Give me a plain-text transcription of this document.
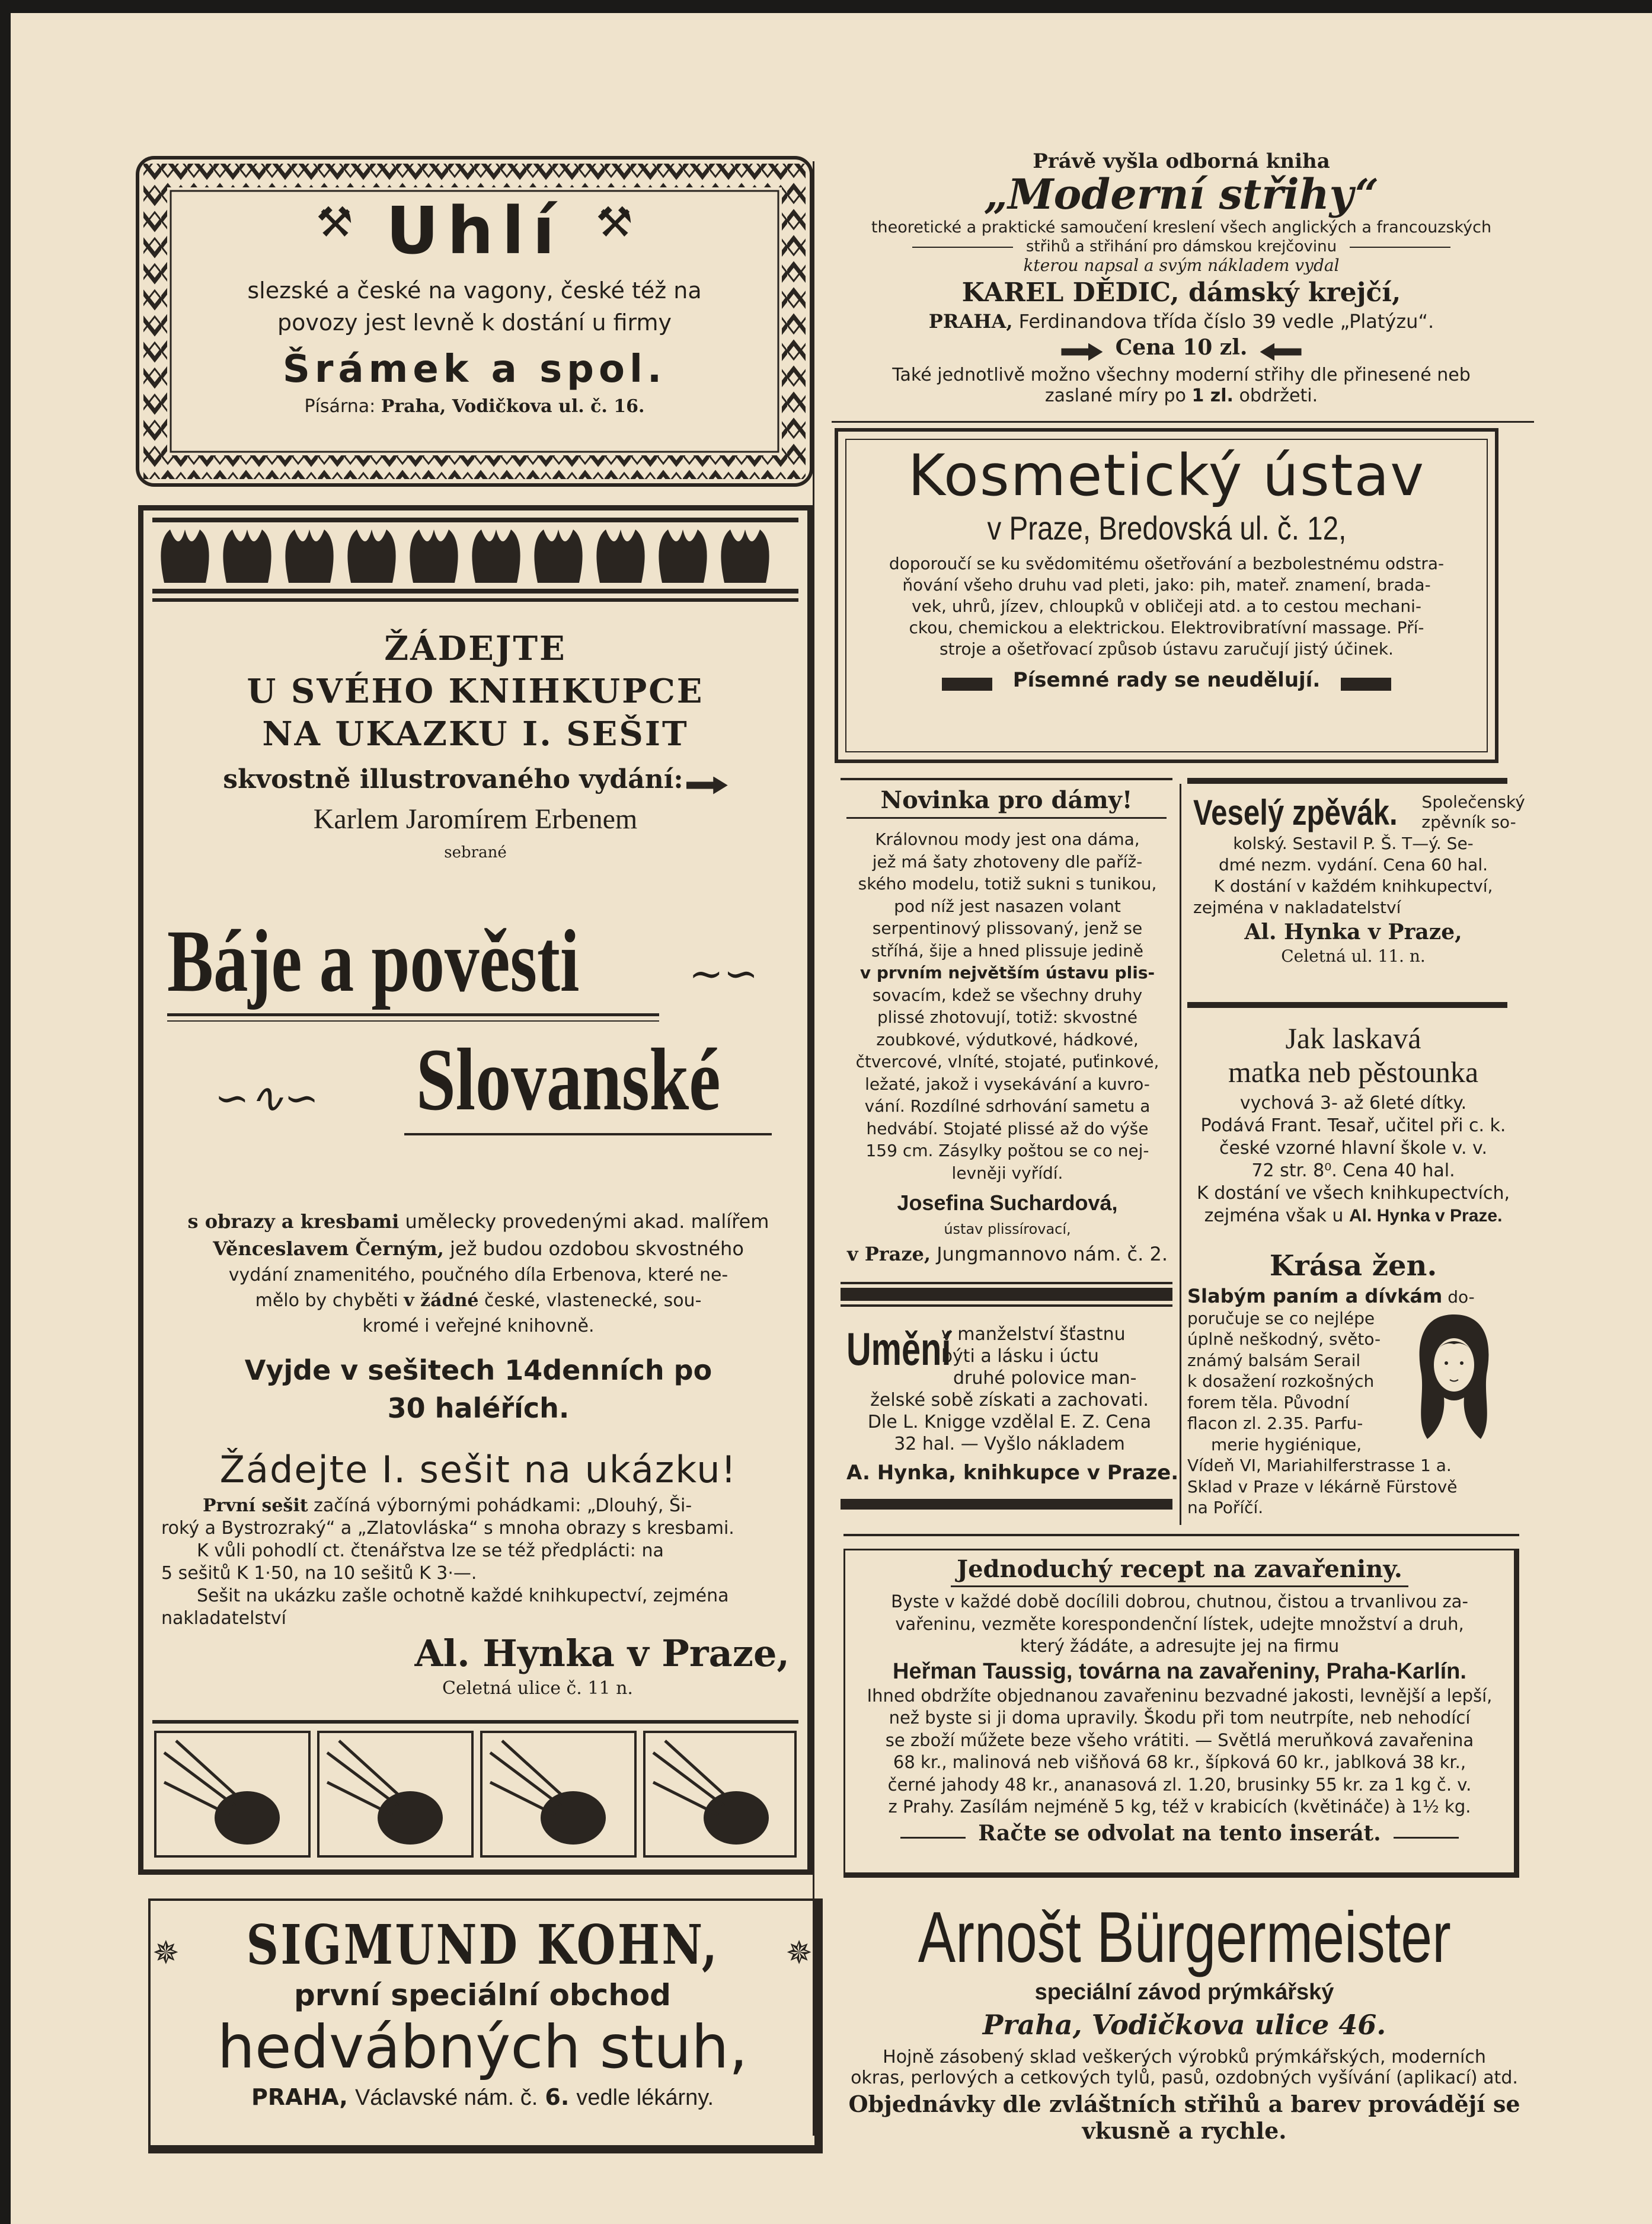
⚒ Uhlí ⚒
slezské a české na vagony, české též na
povozy jest levně k dostání u firmy
Šrámek a spol.
Písárna: Praha, Vodičkova ul. č. 16.
ŽÁDEJTE
U SVÉHO KNIHKUPCE
NA UKAZKU I. SEŠIT
skvostně illustrovaného vydání:
Karlem Jaromírem Erbenem
sebrané
Báje a pověsti	~∽
∽∿∽ Slovanské
s obrazy a kresbami umělecky provedenými akad. malířem
Věnceslavem Černým, jež budou ozdobou skvostného
vydání znamenitého, poučného díla Erbenova, které ne-
mělo by chyběti v žádné české, vlastenecké, sou-
kromé i veřejné knihovně.
Vyjde v sešitech 14denních po
30 haléřích.
Žádejte I. sešit na ukázku!
První sešit začíná výbornými pohádkami: „Dlouhý, Ši-
roký a Bystrozraký“ a „Zlatovláska“ s mnoha obrazy s kresbami.
K vůli pohodlí ct. čtenářstva lze se též předplácti: na
5 sešitů K 1·50, na 10 sešitů K 3·—.
Sešit na ukázku zašle ochotně každé knihkupectví, zejména
nakladatelství
Al. Hynka v Praze,
Celetná ulice č. 11 n.
✵ SIGMUND KOHN, ✵
první speciální obchod
hedvábných stuh,
PRAHA, Václavské nám. č. 6. vedle lékárny.
Právě vyšla odborná kniha
„Moderní střihy“
theoretické a praktické samoučení kreslení všech anglických a francouzských
střihů a střihání pro dámskou krejčovinu
kterou napsal a svým nákladem vydal
KAREL DĚDIC, dámský krejčí,
PRAHA, Ferdinandova třída číslo 39 vedle „Platýzu“.
Cena 10 zl.
Také jednotlivě možno všechny moderní střihy dle přinesené neb
zaslané míry po 1 zl. obdržeti.
Kosmetický ústav
v Praze, Bredovská ul. č. 12,
doporoučí se ku svědomitému ošetřování a bezbolestnému odstra-
ňování všeho druhu vad pleti, jako: pih, mateř. znamení, brada-
vek, uhrů, jízev, chloupků v obličeji atd. a to cestou mechani-
ckou, chemickou a elektrickou. Elektrovibratívní massage. Pří-
stroje a ošetřovací způsob ústavu zaručují jistý účinek.
Písemné rady se neudělují.
Novinka pro dámy!
Královnou mody jest ona dáma,
jež má šaty zhotoveny dle paříž-
ského modelu, totiž sukni s tunikou,
pod níž jest nasazen volant
serpentinový plissovaný, jenž se
stříhá, šije a hned plissuje jedině
v prvním největším ústavu plis-
sovacím, kdež se všechny druhy
plissé zhotovují, totiž: skvostné
zoubkové, výdutkové, hádkové,
čtvercové, vlníté, stojaté, puťinkové,
ležaté, jakož i vysekávání a kuvro-
vání. Rozdílné sdrhování sametu a
hedvábí. Stojaté plissé až do výše
159 cm. Zásylky poštou se co nej-
levněji vyřídí.
Josefina Suchardová,
ústav plissírovací,
v Praze, Jungmannovo nám. č. 2.
Veselý zpěvák. Společenský
zpěvník so-
kolský. Sestavil P. Š. T—ý. Se-
dmé nezm. vydání. Cena 60 hal.
K dostání v každém knihkupectví,
zejména v nakladatelství
Al. Hynka v Praze,
Celetná ul. 11. n.
Jak laskavá
matka neb pěstounka
vychová 3- až 6leté dítky.
Podává Frant. Tesař, učitel při c. k.
české vzorné hlavní škole v. v.
72 str. 8⁰. Cena 40 hal.
K dostání ve všech knihkupectvích,
zejména však u Al. Hynka v Praze.
Umění
v manželství šťastnu
býti a lásku i úctu
druhé polovice man-
želské sobě získati a zachovati.
Dle L. Knigge vzdělal E. Z. Cena
32 hal. — Vyšlo nákladem
A. Hynka, knihkupce v Praze.
Krása žen.
Slabým paním a dívkám do-
poručuje se co nejlépe
úplně neškodný, světo-
známý balsám Serail
k dosažení rozkošných
forem těla. Původní
flacon zl. 2.35. Parfu-
merie hygiénique,
Vídeň VI, Mariahilferstrasse 1 a.
Sklad v Praze v lékárně Fürstově
na Poříčí.
Jednoduchý recept na zavařeniny.
Byste v každé době docílili dobrou, chutnou, čistou a trvanlivou za-
vařeninu, vezměte korespondenční lístek, udejte množství a druh,
který žádáte, a adresujte jej na firmu
Heřman Taussig, továrna na zavařeniny, Praha-Karlín.
Ihned obdržíte objednanou zavařeninu bezvadné jakosti, levnější a lepší,
než byste si ji doma upravily. Škodu při tom neutrpíte, neb nehodící
se zboží műžete beze všeho vrátiti. — Světlá meruňková zavařenina
68 kr., malinová neb višňová 68 kr., šípková 60 kr., jablková 38 kr.,
černé jahody 48 kr., ananasová zl. 1.20, brusinky 55 kr. za 1 kg č. v.
z Prahy. Zasílám nejméně 5 kg, též v krabicích (květináče) à 1½ kg.
Račte se odvolat na tento inserát.
Arnošt Bürgermeister
speciální závod prýmkářský
Praha, Vodičkova ulice 46.
Hojně zásobený sklad veškerých výrobků prýmkářských, moderních
okras, perlových a cetkových tylů, pasů, ozdobných vyšívání (aplikací) atd.
Objednávky dle zvláštních střihů a barev provádějí se
vkusně a rychle.
